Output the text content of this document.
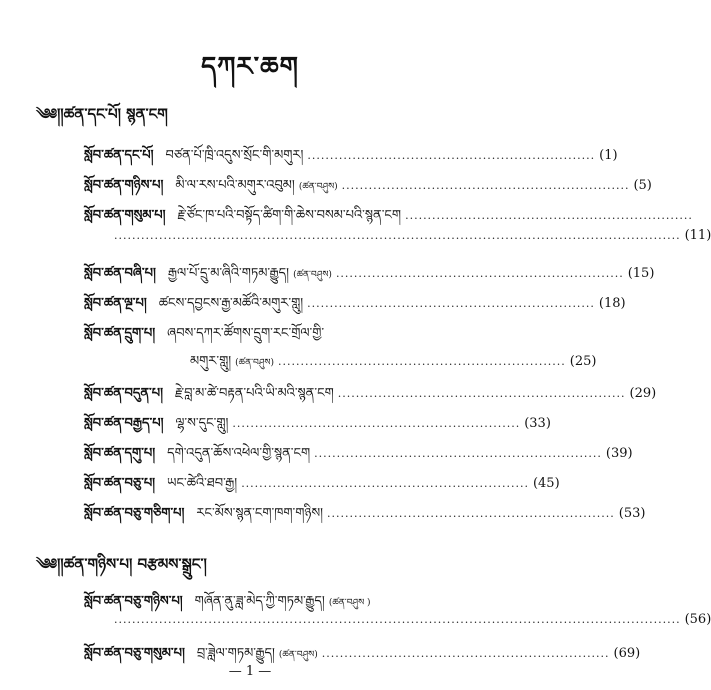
དཀར་ཆག
༄༅།།ཚན་དང་པོ། སྙན་ངག
སློབ་ཚན་དང་པོ། བཙན་པོ་ཁྲི་འདུས་སྲོང་གི་མགུར། ................................................................ (1)
སློབ་ཚན་གཉིས་པ། མི་ལ་རས་པའི་མགུར་འབུམ། (ཚན་བཤུས) ................................................................ (5)
སློབ་ཚན་གསུམ་པ། རྗེ་ཙོང་ཁ་པའི་བསྟོད་ཚིག་གི་ཆེས་བསམ་པའི་སྙན་ངག ................................................................
.............................................................................................................................. (11)
སློབ་ཚན་བཞི་པ། རྒྱལ་པོ་དྲུ་མ་ཞིའི་གཏམ་རྒྱུད། (ཚན་བཤུས) ................................................................ (15)
སློབ་ཚན་ལྔ་པ། ཚངས་དབྱངས་རྒྱ་མཚོའི་མགུར་གླུ། ................................................................ (18)
སློབ་ཚན་དྲུག་པ། ཞབས་དཀར་ཚོགས་དྲུག་རང་གྲོལ་གྱི་
མགུར་གླུ། (ཚན་བཤུས) ................................................................ (25)
སློབ་ཚན་བདུན་པ། རྗེ་བླ་མ་ཚེ་བརྟན་པའི་ཡི་མའི་སྙན་ངག ................................................................ (29)
སློབ་ཚན་བརྒྱད་པ། ལྷ་ས་དུང་གླུ། ................................................................ (33)
སློབ་ཚན་དགུ་པ། དགེ་འདུན་ཆོས་འཕེལ་གྱི་སྙན་ངག ................................................................ (39)
སློབ་ཚན་བཅུ་པ། ཡང་ཚེའི་ཐབ་རྒྱ། ................................................................ (45)
སློབ་ཚན་བཅུ་གཅིག་པ། རང་མོས་སྙན་ངག་ཁག་གཉིས། ................................................................ (53)
༄༅།།ཚན་གཉིས་པ། བརྩམས་སྒྲུང་།
སློབ་ཚན་བཅུ་གཉིས་པ། གཞོན་ནུ་ཟླ་མེད་ཀྱི་གཏམ་རྒྱུད། (ཚན་བཤུས )
.............................................................................................................................. (56)
སློབ་ཚན་བཅུ་གསུམ་པ། བྲ་ཟླེལ་གཏམ་རྒྱུད། (ཚན་བཤུས) ................................................................ (69)
— 1 —
